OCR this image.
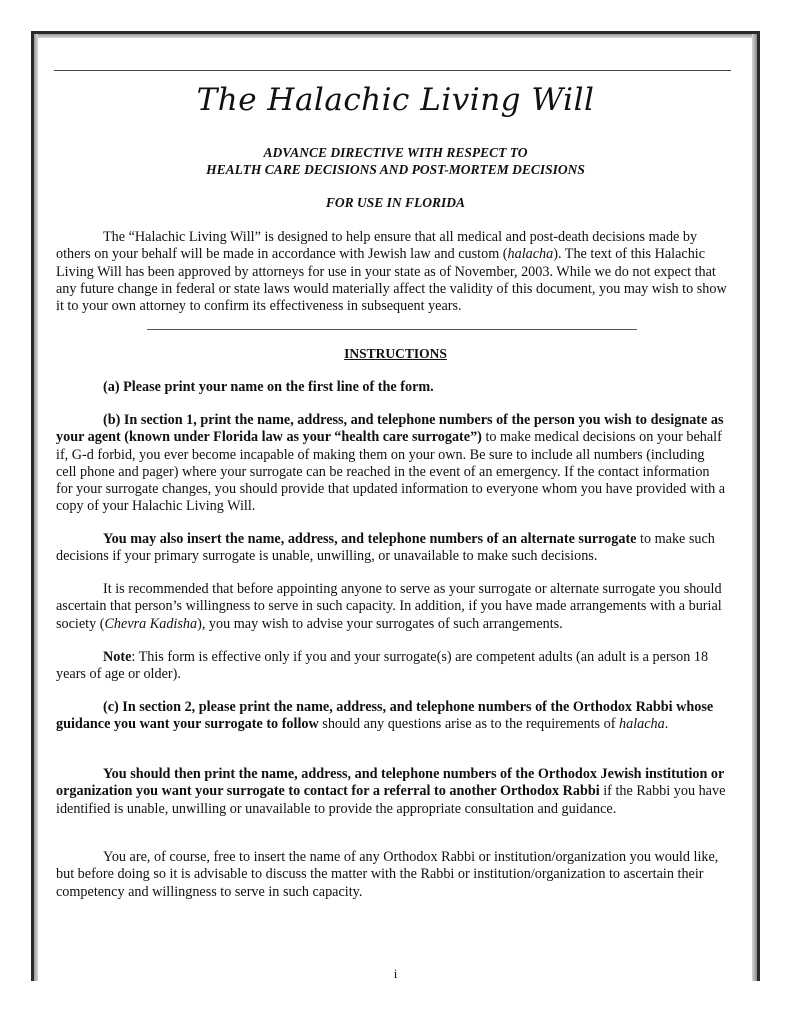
The Halachic Living Will
ADVANCE DIRECTIVE WITH RESPECT TO
HEALTH CARE DECISIONS AND POST-MORTEM DECISIONS
FOR USE IN FLORIDA
The “Halachic Living Will” is designed to help ensure that all medical and post-death decisions made by others on your behalf will be made in accordance with Jewish law and custom (halacha). The text of this Halachic Living Will has been approved by attorneys for use in your state as of November, 2003. While we do not expect that any future change in federal or state laws would materially affect the validity of this document, you may wish to show it to your own attorney to confirm its effectiveness in subsequent years.
INSTRUCTIONS
(a) Please print your name on the first line of the form.
(b) In section 1, print the name, address, and telephone numbers of the person you wish to designate as your agent (known under Florida law as your “health care surrogate”) to make medical decisions on your behalf if, G-d forbid, you ever become incapable of making them on your own. Be sure to include all numbers (including cell phone and pager) where your surrogate can be reached in the event of an emergency. If the contact information for your surrogate changes, you should provide that updated information to everyone whom you have provided with a copy of your Halachic Living Will.
You may also insert the name, address, and telephone numbers of an alternate surrogate to make such decisions if your primary surrogate is unable, unwilling, or unavailable to make such decisions.
It is recommended that before appointing anyone to serve as your surrogate or alternate surrogate you should ascertain that person’s willingness to serve in such capacity. In addition, if you have made arrangements with a burial society (Chevra Kadisha), you may wish to advise your surrogates of such arrangements.
Note: This form is effective only if you and your surrogate(s) are competent adults (an adult is a person 18 years of age or older).
(c) In section 2, please print the name, address, and telephone numbers of the Orthodox Rabbi whose guidance you want your surrogate to follow should any questions arise as to the requirements of halacha.
You should then print the name, address, and telephone numbers of the Orthodox Jewish institution or organization you want your surrogate to contact for a referral to another Orthodox Rabbi if the Rabbi you have identified is unable, unwilling or unavailable to provide the appropriate consultation and guidance.
You are, of course, free to insert the name of any Orthodox Rabbi or institution/organization you would like, but before doing so it is advisable to discuss the matter with the Rabbi or institution/organization to ascertain their competency and willingness to serve in such capacity.
i
